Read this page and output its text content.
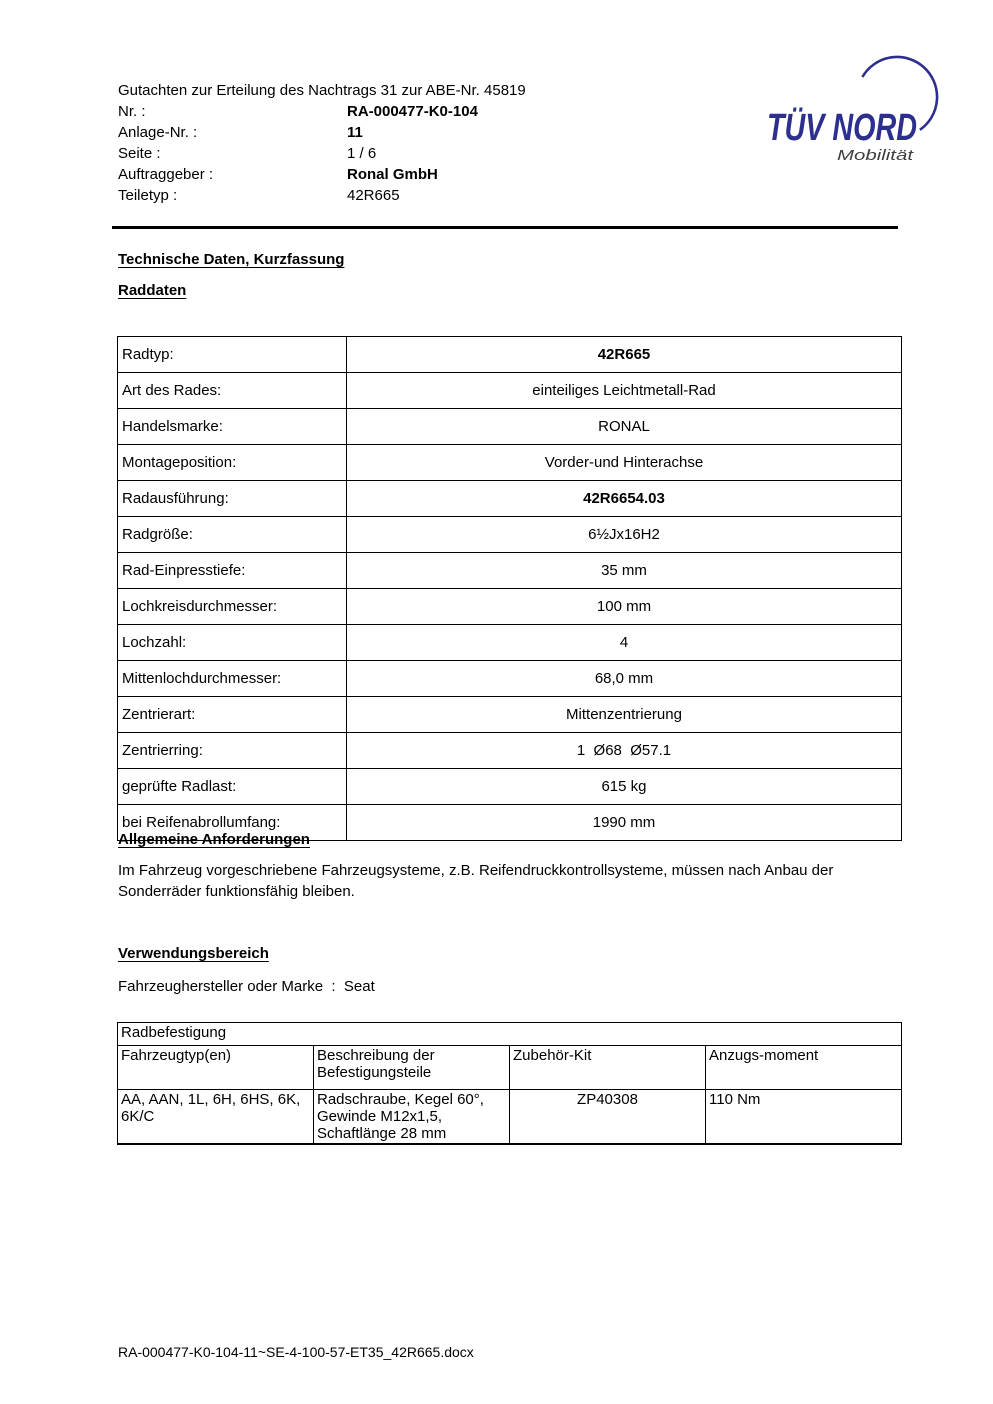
Gutachten zur Erteilung des Nachtrags 31 zur ABE-Nr. 45819
Nr. :	RA-000477-K0-104
Anlage-Nr. :	11
Seite :	1 / 6
Auftraggeber :	Ronal GmbH
Teiletyp :	42R665
TÜV NORD
Mobilität
Technische Daten, Kurzfassung
Raddaten
Radtyp:	42R665
Art des Rades:	einteiliges Leichtmetall-Rad
Handelsmarke:	RONAL
Montageposition:	Vorder-und Hinterachse
Radausführung:	42R6654.03
Radgröße:	6½Jx16H2
Rad-Einpresstiefe:	35 mm
Lochkreisdurchmesser:	100 mm
Lochzahl:	4
Mittenlochdurchmesser:	68,0 mm
Zentrierart:	Mittenzentrierung
Zentrierring:	1  Ø68  Ø57.1
geprüfte Radlast:	615 kg
bei Reifenabrollumfang:	1990 mm
Allgemeine Anforderungen
Im Fahrzeug vorgeschriebene Fahrzeugsysteme, z.B. Reifendruckkontrollsysteme, müssen nach Anbau der Sonderräder funktionsfähig bleiben.
Verwendungsbereich
Fahrzeughersteller oder Marke  :  Seat
Radbefestigung			
Fahrzeugtyp(en)	Beschreibung der Befestigungsteile	Zubehör-Kit	Anzugs-moment
AA, AAN, 1L, 6H, 6HS, 6K, 6K/C	Radschraube, Kegel 60°, Gewinde M12x1,5, Schaftlänge 28 mm	ZP40308	110 Nm
RA-000477-K0-104-11~SE-4-100-57-ET35_42R665.docx
